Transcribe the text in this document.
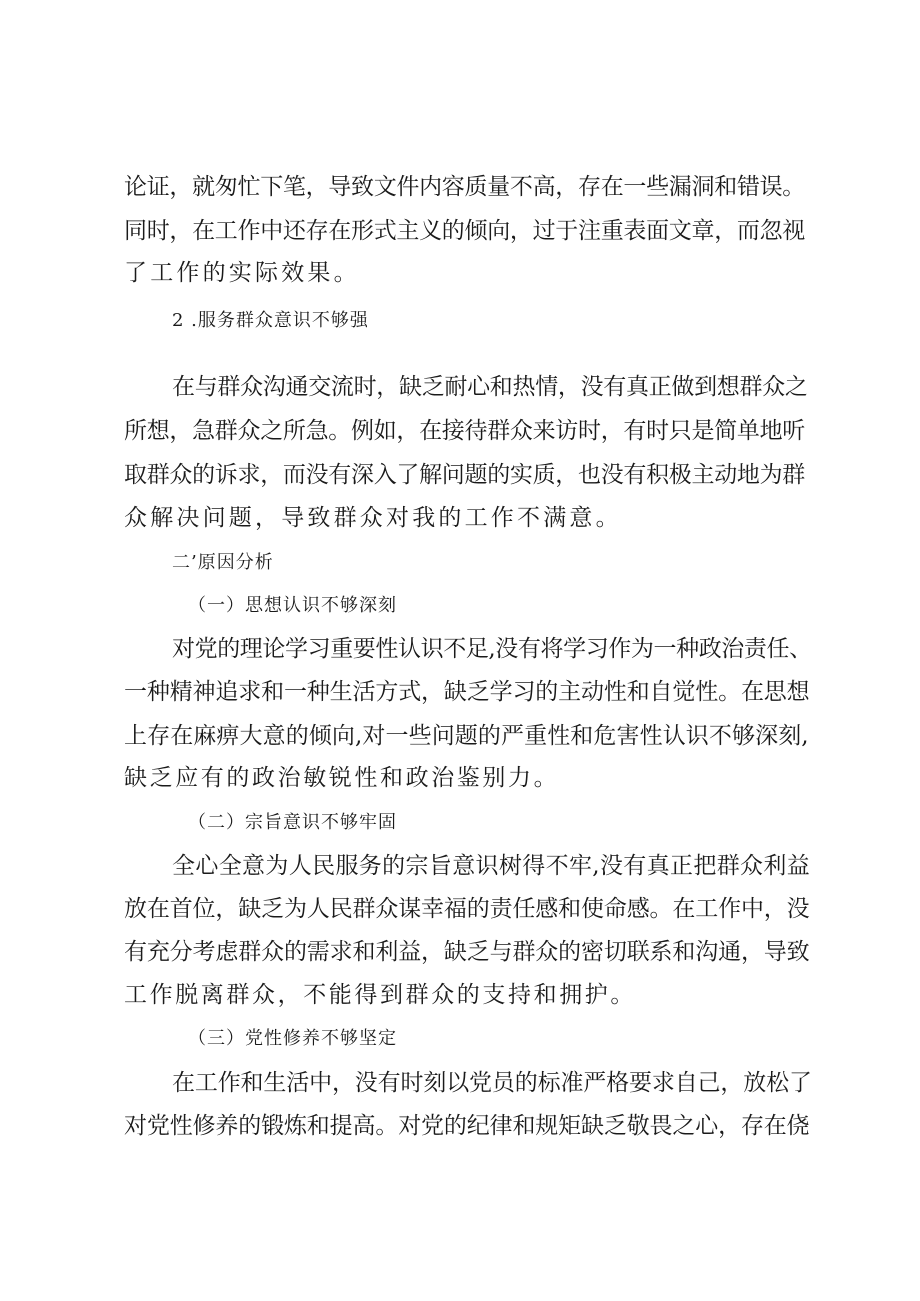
论证，就匆忙下笔，导致文件内容质量不高，存在一些漏洞和错误。
同时，在工作中还存在形式主义的倾向，过于注重表面文章，而忽视
了工作的实际效果。
2 .服务群众意识不够强
在与群众沟通交流时，缺乏耐心和热情，没有真正做到想群众之
所想，急群众之所急。例如，在接待群众来访时，有时只是简单地听
取群众的诉求，而没有深入了解问题的实质，也没有积极主动地为群
众解决问题，导致群众对我的工作不满意。
二’原因分析
（一）思想认识不够深刻
对党的理论学习重要性认识不足,没有将学习作为一种政治责任、
一种精神追求和一种生活方式，缺乏学习的主动性和自觉性。在思想
上存在麻痹大意的倾向,对一些问题的严重性和危害性认识不够深刻,
缺乏应有的政治敏锐性和政治鉴别力。
（二）宗旨意识不够牢固
全心全意为人民服务的宗旨意识树得不牢,没有真正把群众利益
放在首位，缺乏为人民群众谋幸福的责任感和使命感。在工作中，没
有充分考虑群众的需求和利益，缺乏与群众的密切联系和沟通，导致
工作脱离群众，不能得到群众的支持和拥护。
（三）党性修养不够坚定
在工作和生活中，没有时刻以党员的标准严格要求自己，放松了
对党性修养的锻炼和提高。对党的纪律和规矩缺乏敬畏之心，存在侥
